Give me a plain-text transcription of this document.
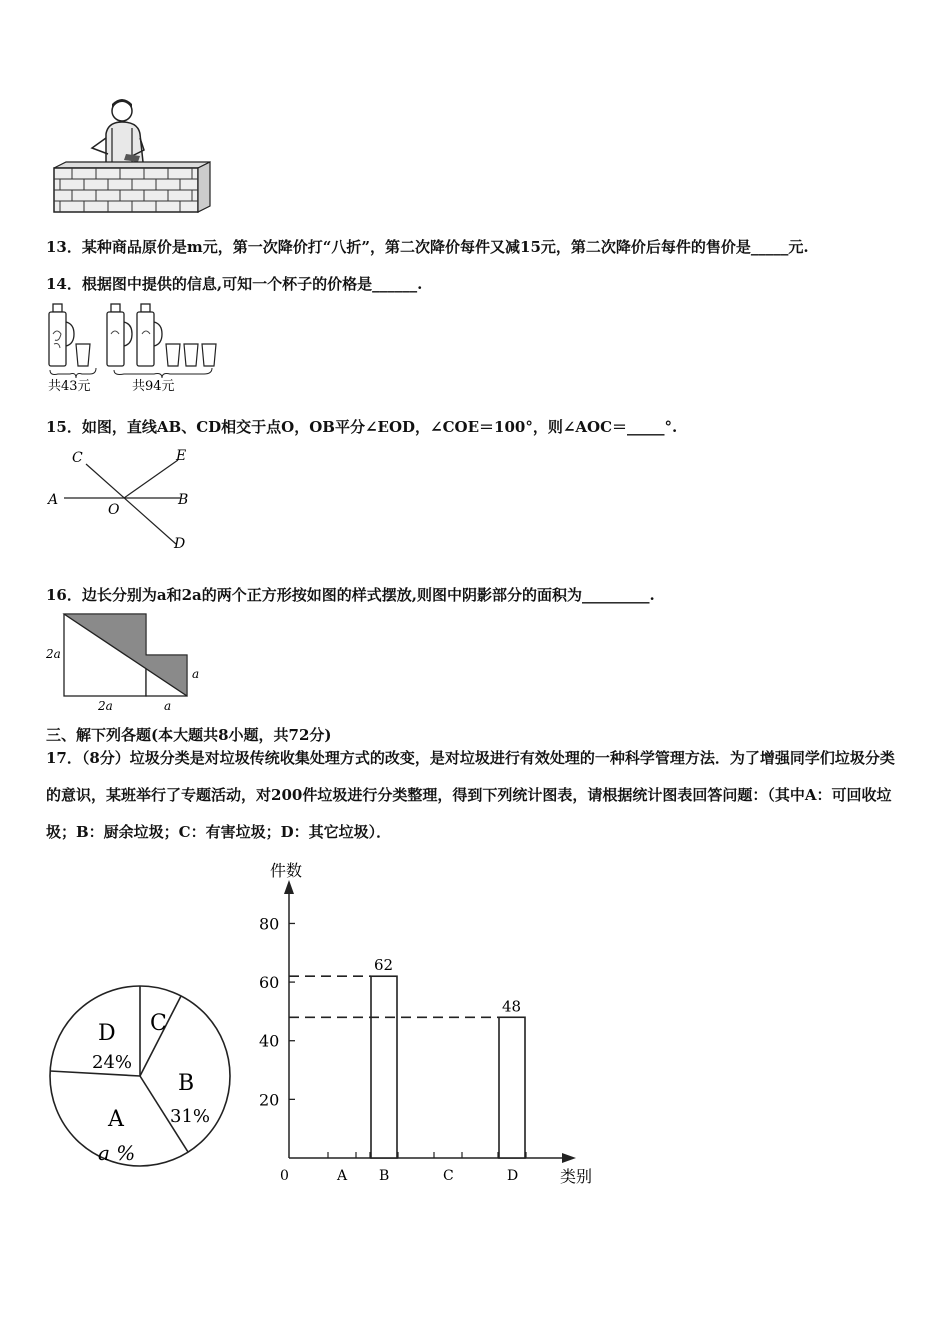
13．某种商品原价是m元，第一次降价打“八折”，第二次降价每件又减15元，第二次降价后每件的售价是_____元.
14．根据图中提供的信息,可知一个杯子的价格是______.
共43元	共94元
15．如图，直线AB、CD相交于点O，OB平分∠EOD，∠COE＝100°，则∠AOC＝_____°.
C	E
A
O
B
D
16．边长分别为a和2a的两个正方形按如图的样式摆放,则图中阴影部分的面积为_________.
2a
2a	a
a
三、解下列各题(本大题共8小题，共72分)
17．（8分）垃圾分类是对垃圾传统收集处理方式的改变，是对垃圾进行有效处理的一种科学管理方法．为了增强同学们垃圾分类的意识，某班举行了专题活动，对200件垃圾进行分类整理，得到下列统计图表，请根据统计图表回答问题：（其中A：可回收垃圾；B：厨余垃圾；C：有害垃圾；D：其它垃圾）．
D
24%
C
B
31%
A
a %
件数
0	类别
20
40
60
80
A B
62
C	D
48
